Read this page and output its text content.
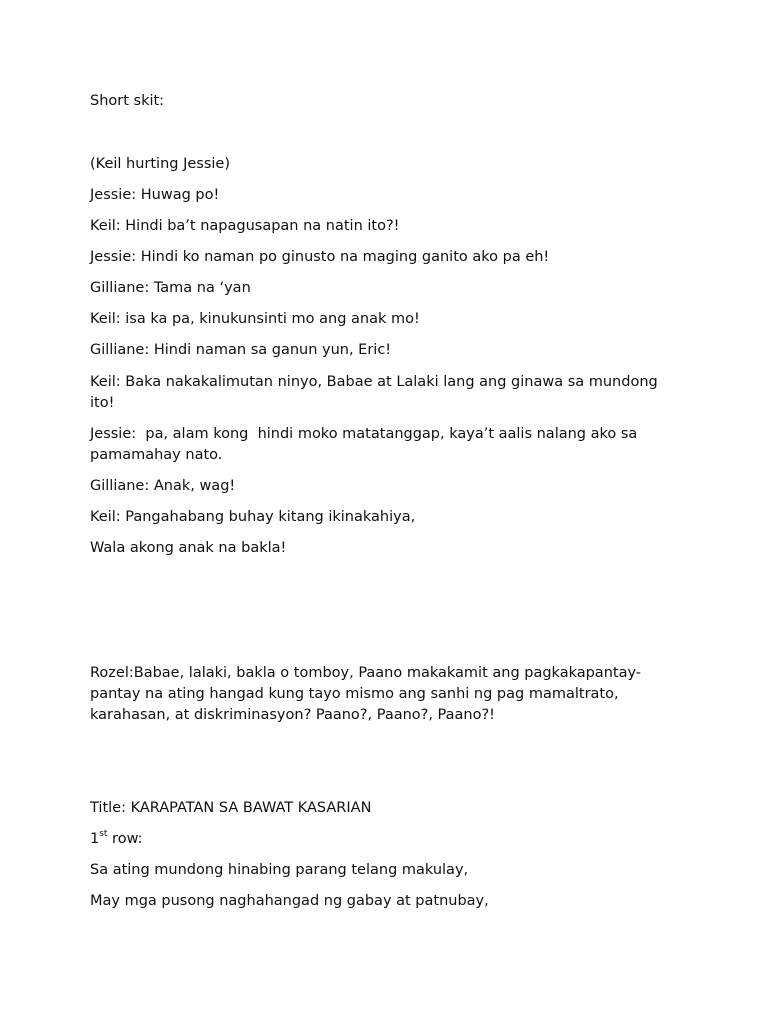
Short skit:
(Keil hurting Jessie)
Jessie: Huwag po!
Keil: Hindi ba’t napagusapan na natin ito?!
Jessie: Hindi ko naman po ginusto na maging ganito ako pa eh!
Gilliane: Tama na ‘yan
Keil: isa ka pa, kinukunsinti mo ang anak mo!
Gilliane: Hindi naman sa ganun yun, Eric!
Keil: Baka nakakalimutan ninyo, Babae at Lalaki lang ang ginawa sa mundong ito!
Jessie:  pa, alam kong  hindi moko matatanggap, kaya’t aalis nalang ako sa pamamahay nato.
Gilliane: Anak, wag!
Keil: Pangahabang buhay kitang ikinakahiya,
Wala akong anak na bakla!
Rozel:Babae, lalaki, bakla o tomboy, Paano makakamit ang pagkakapantay-pantay na ating hangad kung tayo mismo ang sanhi ng pag mamaltrato, karahasan, at diskriminasyon? Paano?, Paano?, Paano?!
Title: KARAPATAN SA BAWAT KASARIAN
1st row:
Sa ating mundong hinabing parang telang makulay,
May mga pusong naghahangad ng gabay at patnubay,
